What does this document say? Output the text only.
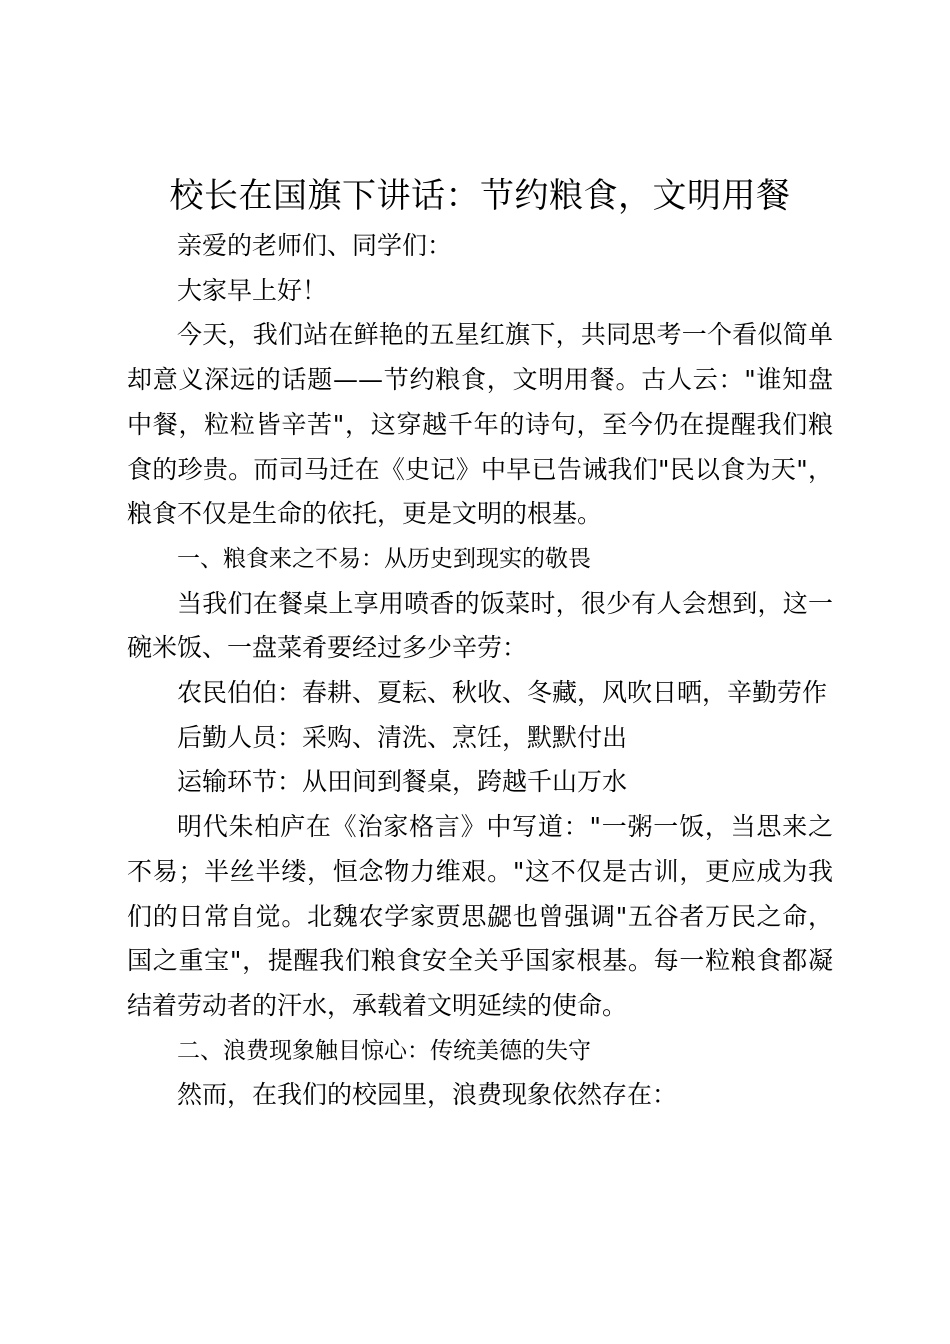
校长在国旗下讲话：节约粮食，文明用餐

亲爱的老师们、同学们：

大家早上好！

今天，我们站在鲜艳的五星红旗下，共同思考一个看似简单却意义深远的话题——节约粮食，文明用餐。古人云："谁知盘中餐，粒粒皆辛苦"，这穿越千年的诗句，至今仍在提醒我们粮食的珍贵。而司马迁在《史记》中早已告诫我们"民以食为天"，粮食不仅是生命的依托，更是文明的根基。

一、粮食来之不易：从历史到现实的敬畏

当我们在餐桌上享用喷香的饭菜时，很少有人会想到，这一碗米饭、一盘菜肴要经过多少辛劳：

农民伯伯：春耕、夏耘、秋收、冬藏，风吹日晒，辛勤劳作

后勤人员：采购、清洗、烹饪，默默付出

运输环节：从田间到餐桌，跨越千山万水

明代朱柏庐在《治家格言》中写道："一粥一饭，当思来之不易；半丝半缕，恒念物力维艰。"这不仅是古训，更应成为我们的日常自觉。北魏农学家贾思勰也曾强调"五谷者万民之命，国之重宝"，提醒我们粮食安全关乎国家根基。每一粒粮食都凝结着劳动者的汗水，承载着文明延续的使命。

二、浪费现象触目惊心：传统美德的失守

然而，在我们的校园里，浪费现象依然存在：
